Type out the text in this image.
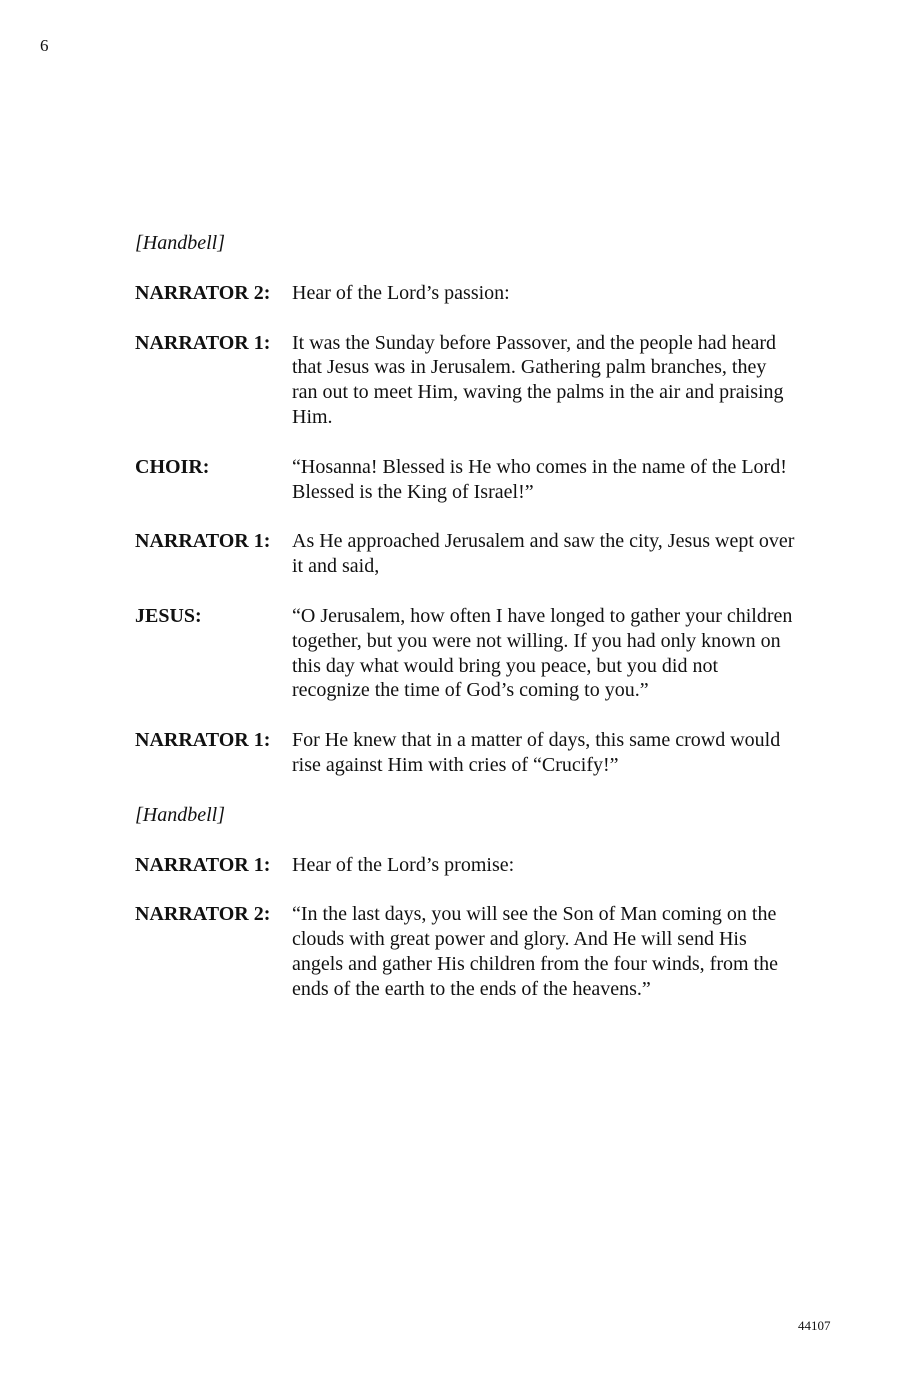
6
[Handbell]
NARRATOR 2:	Hear of the Lord’s passion:
NARRATOR 1:	It was the Sunday before Passover, and the people had heard that Jesus was in Jerusalem. Gathering palm branches, they ran out to meet Him, waving the palms in the air and praising Him.
CHOIR:	“Hosanna! Blessed is He who comes in the name of the Lord! Blessed is the King of Israel!”
NARRATOR 1:	As He approached Jerusalem and saw the city, Jesus wept over it and said,
JESUS:	“O Jerusalem, how often I have longed to gather your children together, but you were not willing. If you had only known on this day what would bring you peace, but you did not recognize the time of God’s coming to you.”
NARRATOR 1:	For He knew that in a matter of days, this same crowd would rise against Him with cries of “Crucify!”
[Handbell]
NARRATOR 1:	Hear of the Lord’s promise:
NARRATOR 2:	“In the last days, you will see the Son of Man coming on the clouds with great power and glory. And He will send His angels and gather His children from the four winds, from the ends of the earth to the ends of the heavens.”
44107
